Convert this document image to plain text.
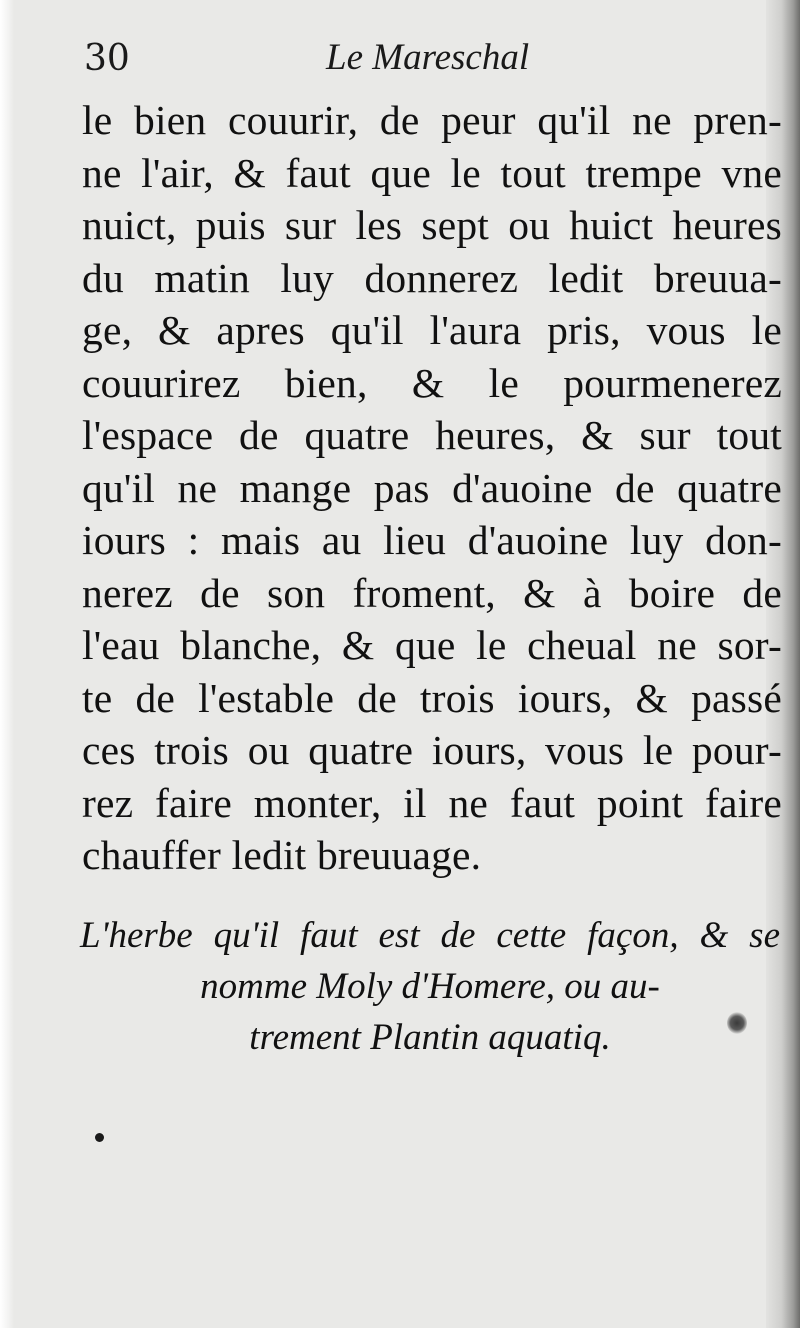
30	Le Mareschal
le bien couurir, de peur qu'il ne pren-
ne l'air, & faut que le tout trempe vne
nuict, puis sur les sept ou huict heures
du matin luy donnerez ledit breuua-
ge, & apres qu'il l'aura pris, vous le
couurirez bien, & le pourmenerez
l'espace de quatre heures, & sur tout
qu'il ne mange pas d'auoine de quatre
iours : mais au lieu d'auoine luy don-
nerez de son froment, & à boire de
l'eau blanche, & que le cheual ne sor-
te de l'estable de trois iours, & passé
ces trois ou quatre iours, vous le pour-
rez faire monter, il ne faut point faire
chauffer ledit breuuage.
L'herbe qu'il faut est de cette façon, & se
nomme Moly d'Homere, ou au-
trement Plantin aquatiq.
